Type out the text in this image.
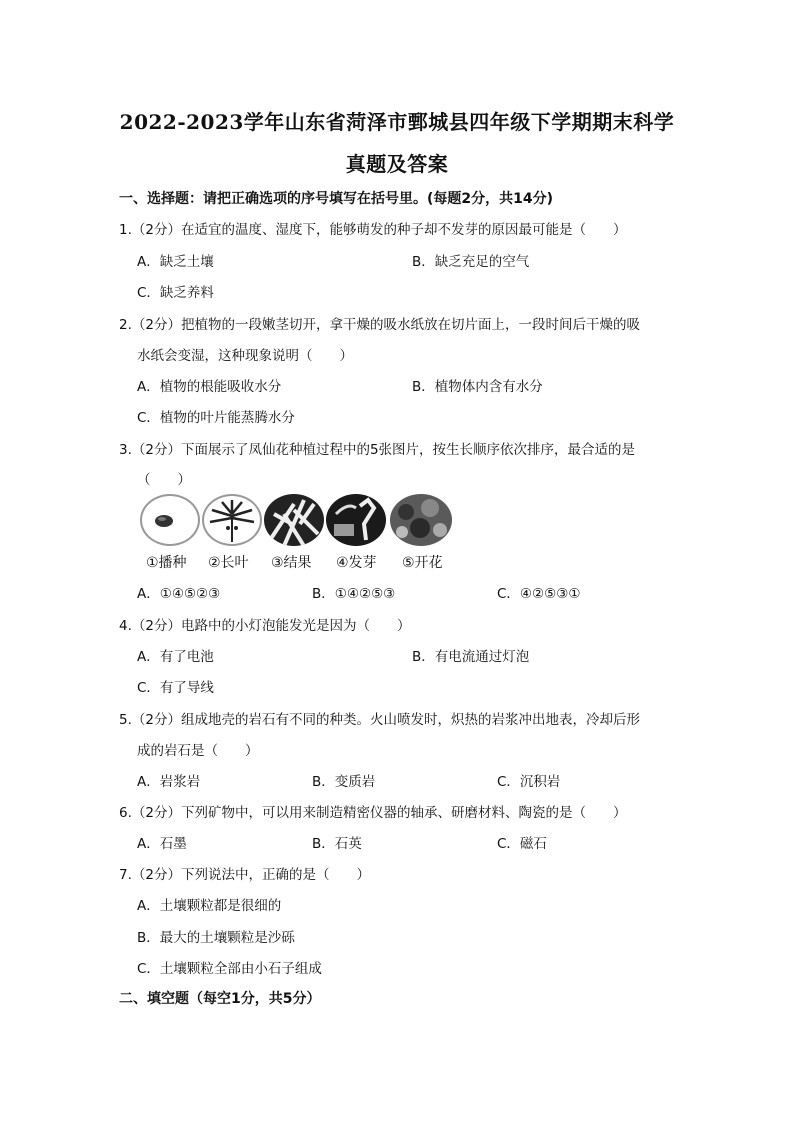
2022-2023学年山东省菏泽市鄄城县四年级下学期期末科学
真题及答案
一、选择题：请把正确选项的序号填写在括号里。(每题2分，共14分)
1.（2分）在适宜的温度、湿度下，能够萌发的种子却不发芽的原因最可能是（　　）
A．缺乏土壤	B．缺乏充足的空气
C．缺乏养料
2.（2分）把植物的一段嫩茎切开，拿干燥的吸水纸放在切片面上，一段时间后干燥的吸
水纸会变湿，这种现象说明（　　）
A．植物的根能吸收水分	B．植物体内含有水分
C．植物的叶片能蒸腾水分
3.（2分）下面展示了凤仙花种植过程中的5张图片，按生长顺序依次排序，最合适的是
（　　）
①播种 ②长叶 ③结果 ④发芽 ⑤开花
A．①④⑤②③	B．①④②⑤③	C．④②⑤③①
4.（2分）电路中的小灯泡能发光是因为（　　）
A．有了电池	B．有电流通过灯泡
C．有了导线
5.（2分）组成地壳的岩石有不同的种类。火山喷发时，炽热的岩浆冲出地表，冷却后形
成的岩石是（　　）
A．岩浆岩	B．变质岩	C．沉积岩
6.（2分）下列矿物中，可以用来制造精密仪器的轴承、研磨材料、陶瓷的是（　　）
A．石墨	B．石英	C．磁石
7.（2分）下列说法中，正确的是（　　）
A．土壤颗粒都是很细的
B．最大的土壤颗粒是沙砾
C．土壤颗粒全部由小石子组成
二、填空题（每空1分，共5分）
